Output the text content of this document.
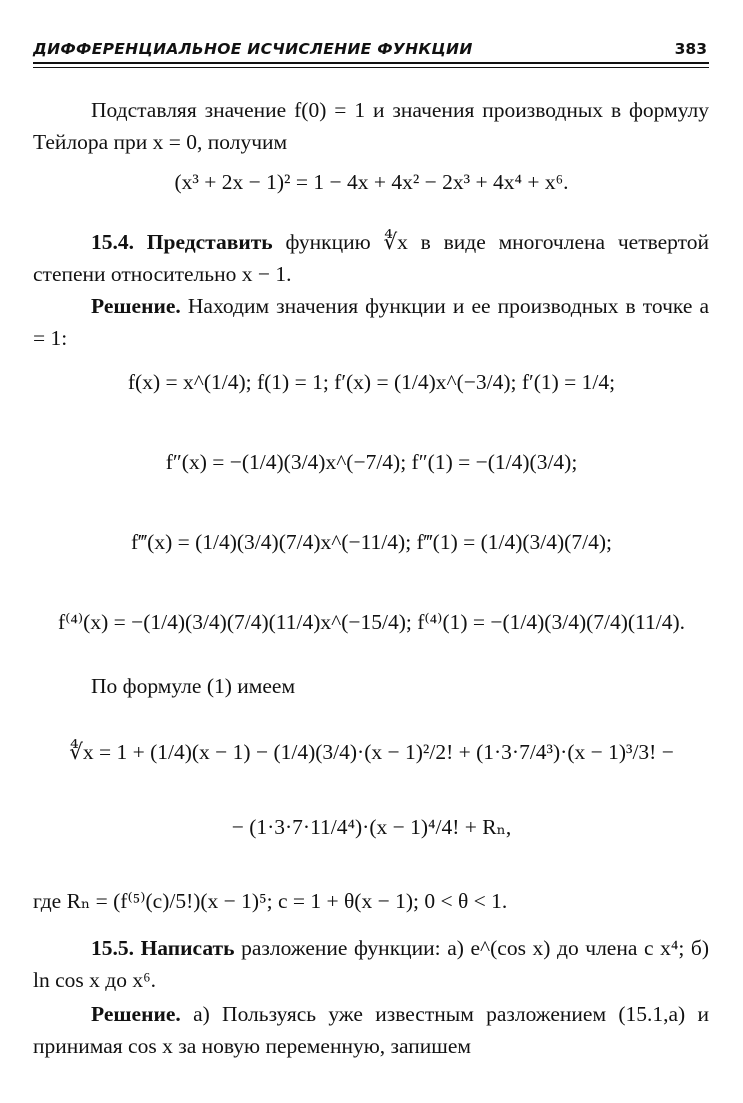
ДИФФЕРЕНЦИАЛЬНОЕ ИСЧИСЛЕНИЕ ФУНКЦИИ	383
Подставляя значение f(0) = 1 и значения производных в формулу Тейлора при x = 0, получим
(x³ + 2x − 1)² = 1 − 4x + 4x² − 2x³ + 4x⁴ + x⁶.
15.4. Представить функцию ∜x в виде многочлена четвертой степени относительно x − 1.
Решение. Находим значения функции и ее производных в точке a = 1:
f(x) = x^(1/4); f(1) = 1; f′(x) = (1/4)x^(−3/4); f′(1) = 1/4;
f″(x) = −(1/4)(3/4)x^(−7/4); f″(1) = −(1/4)(3/4);
f‴(x) = (1/4)(3/4)(7/4)x^(−11/4); f‴(1) = (1/4)(3/4)(7/4);
f⁽⁴⁾(x) = −(1/4)(3/4)(7/4)(11/4)x^(−15/4); f⁽⁴⁾(1) = −(1/4)(3/4)(7/4)(11/4).
По формуле (1) имеем
∜x = 1 + (1/4)(x − 1) − (1/4)(3/4)·(x − 1)²/2! + (1·3·7/4³)·(x − 1)³/3! −
− (1·3·7·11/4⁴)·(x − 1)⁴/4! + Rₙ,
где Rₙ = (f⁽⁵⁾(c)/5!)(x − 1)⁵; c = 1 + θ(x − 1); 0 < θ < 1.
15.5. Написать разложение функции: а) e^(cos x) до члена с x⁴; б) ln cos x до x⁶.
Решение. а) Пользуясь уже известным разложением (15.1,а) и принимая cos x за новую переменную, запишем
